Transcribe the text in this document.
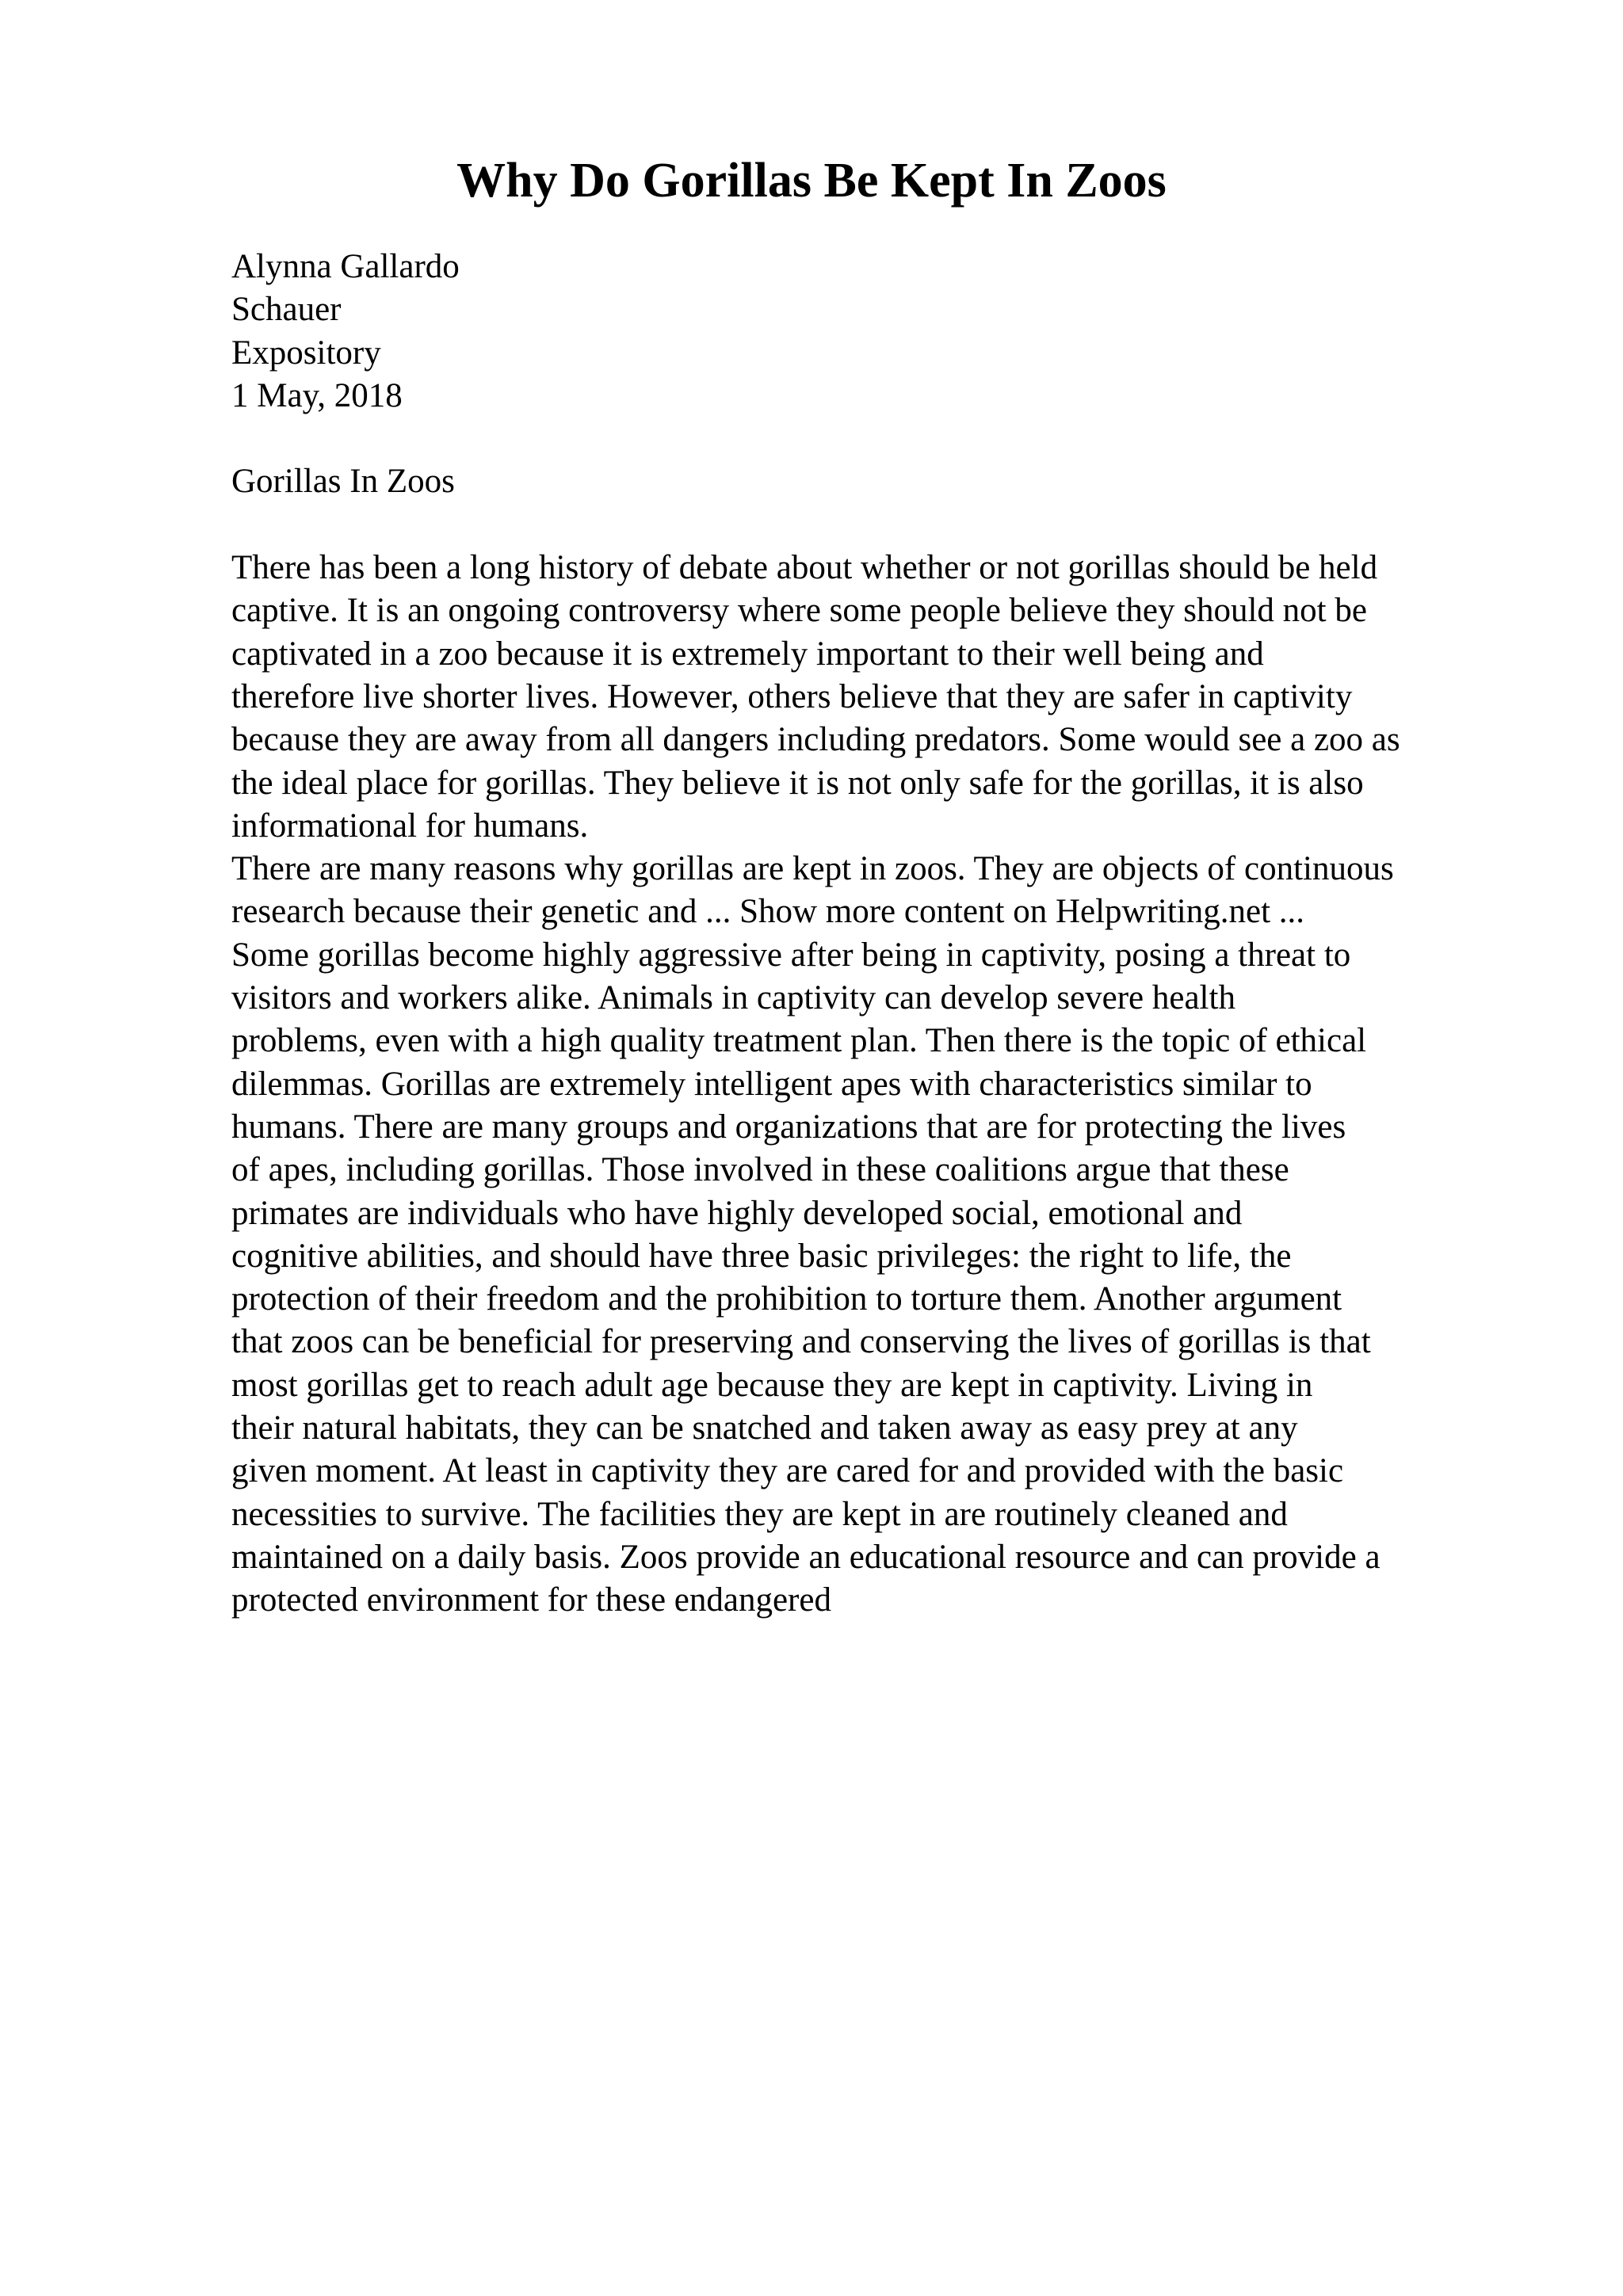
Why Do Gorillas Be Kept In Zoos
Alynna Gallardo
Schauer
Expository
1 May, 2018
Gorillas In Zoos
There has been a long history of debate about whether or not gorillas should be held
captive. It is an ongoing controversy where some people believe they should not be
captivated in a zoo because it is extremely important to their well being and
therefore live shorter lives. However, others believe that they are safer in captivity
because they are away from all dangers including predators. Some would see a zoo as
the ideal place for gorillas. They believe it is not only safe for the gorillas, it is also
informational for humans.
There are many reasons why gorillas are kept in zoos. They are objects of continuous
research because their genetic and ... Show more content on Helpwriting.net ...
Some gorillas become highly aggressive after being in captivity, posing a threat to
visitors and workers alike. Animals in captivity can develop severe health
problems, even with a high quality treatment plan. Then there is the topic of ethical
dilemmas. Gorillas are extremely intelligent apes with characteristics similar to
humans. There are many groups and organizations that are for protecting the lives
of apes, including gorillas. Those involved in these coalitions argue that these
primates are individuals who have highly developed social, emotional and
cognitive abilities, and should have three basic privileges: the right to life, the
protection of their freedom and the prohibition to torture them. Another argument
that zoos can be beneficial for preserving and conserving the lives of gorillas is that
most gorillas get to reach adult age because they are kept in captivity. Living in
their natural habitats, they can be snatched and taken away as easy prey at any
given moment. At least in captivity they are cared for and provided with the basic
necessities to survive. The facilities they are kept in are routinely cleaned and
maintained on a daily basis. Zoos provide an educational resource and can provide a
protected environment for these endangered
